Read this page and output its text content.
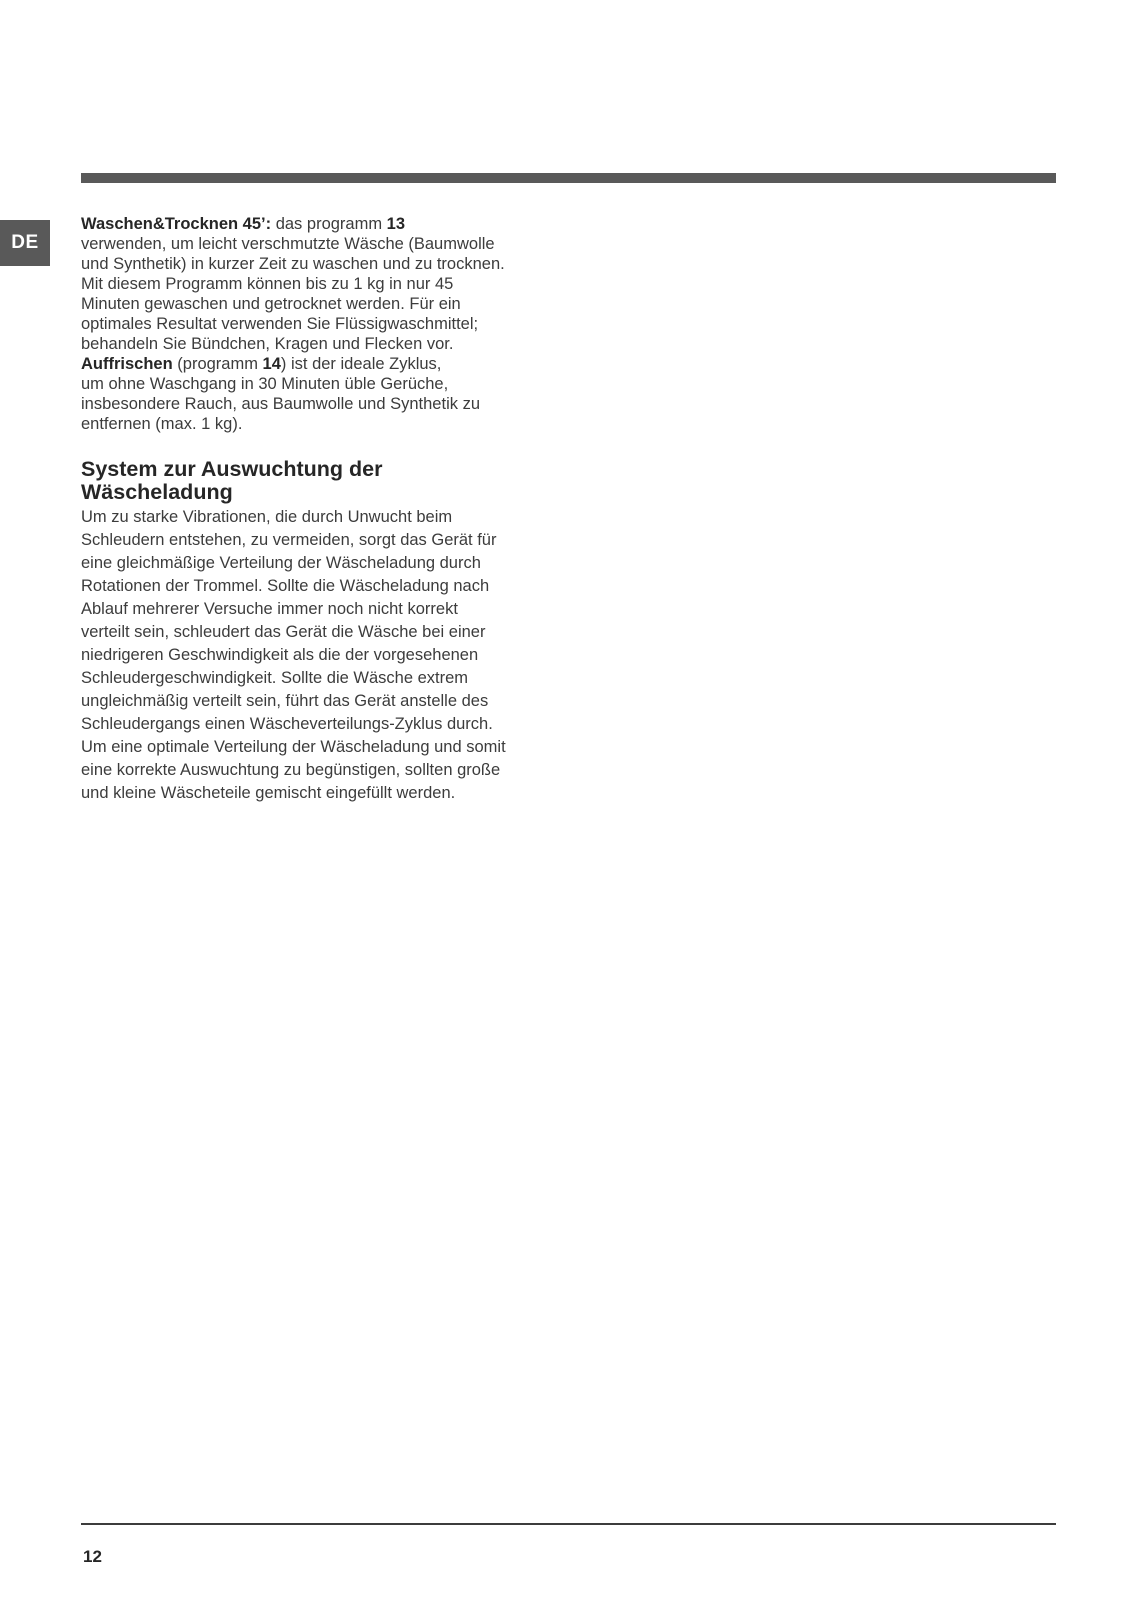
DE

Waschen&Trocknen 45’: das programm 13
verwenden, um leicht verschmutzte Wäsche (Baumwolle
und Synthetik) in kurzer Zeit zu waschen und zu trocknen.
Mit diesem Programm können bis zu 1 kg in nur 45
Minuten gewaschen und getrocknet werden. Für ein
optimales Resultat verwenden Sie Flüssigwaschmittel;
behandeln Sie Bündchen, Kragen und Flecken vor.
Auffrischen (programm 14) ist der ideale Zyklus,
um ohne Waschgang in 30 Minuten üble Gerüche,
insbesondere Rauch, aus Baumwolle und Synthetik zu
entfernen (max. 1 kg).

System zur Auswuchtung der
Wäscheladung

Um zu starke Vibrationen, die durch Unwucht beim
Schleudern entstehen, zu vermeiden, sorgt das Gerät für
eine gleichmäßige Verteilung der Wäscheladung durch
Rotationen der Trommel. Sollte die Wäscheladung nach
Ablauf mehrerer Versuche immer noch nicht korrekt
verteilt sein, schleudert das Gerät die Wäsche bei einer
niedrigeren Geschwindigkeit als die der vorgesehenen
Schleudergeschwindigkeit. Sollte die Wäsche extrem
ungleichmäßig verteilt sein, führt das Gerät anstelle des
Schleudergangs einen Wäscheverteilungs-Zyklus durch.
Um eine optimale Verteilung der Wäscheladung und somit
eine korrekte Auswuchtung zu begünstigen, sollten große
und kleine Wäscheteile gemischt eingefüllt werden.

12
